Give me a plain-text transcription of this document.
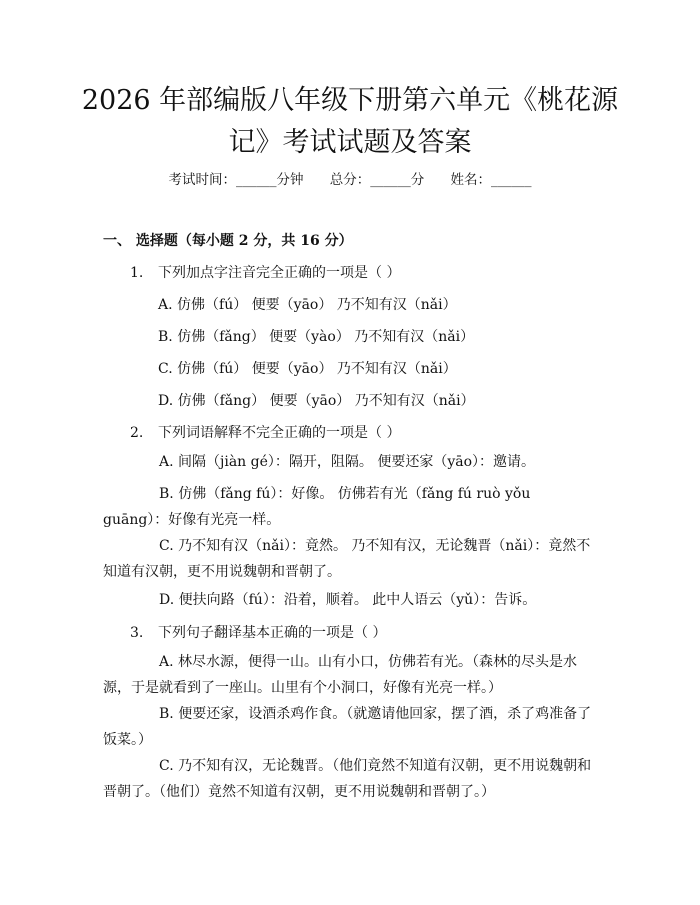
2026 年部编版八年级下册第六单元《桃花源
记》考试试题及答案
考试时间：______分钟 总分：______分 姓名：______
一、 选择题（每小题 2 分，共 16 分）
1. 下列加点字注音完全正确的一项是（ ）
A. 仿佛（fú） 便要（yāo） 乃不知有汉（nǎi）
B. 仿佛（fǎng） 便要（yào） 乃不知有汉（nǎi）
C. 仿佛（fú） 便要（yāo） 乃不知有汉（nǎi）
D. 仿佛（fǎng） 便要（yāo） 乃不知有汉（nǎi）
2. 下列词语解释不完全正确的一项是（ ）
A. 间隔（jiàn gé）：隔开，阻隔。 便要还家（yāo）：邀请。
B. 仿佛（fǎng fú）：好像。 仿佛若有光（fǎng fú ruò yǒu guāng）：好像有光亮一样。
C. 乃不知有汉（nǎi）：竟然。 乃不知有汉，无论魏晋（nǎi）：竟然不知道有汉朝，更不用说魏朝和晋朝了。
D. 便扶向路（fú）：沿着，顺着。 此中人语云（yǔ）：告诉。
3. 下列句子翻译基本正确的一项是（ ）
A. 林尽水源，便得一山。山有小口，仿佛若有光。（森林的尽头是水源，于是就看到了一座山。山里有个小洞口，好像有光亮一样。）
B. 便要还家，设酒杀鸡作食。（就邀请他回家，摆了酒，杀了鸡准备了饭菜。）
C. 乃不知有汉，无论魏晋。（他们竟然不知道有汉朝，更不用说魏朝和晋朝了。（他们）竟然不知道有汉朝，更不用说魏朝和晋朝了。）
